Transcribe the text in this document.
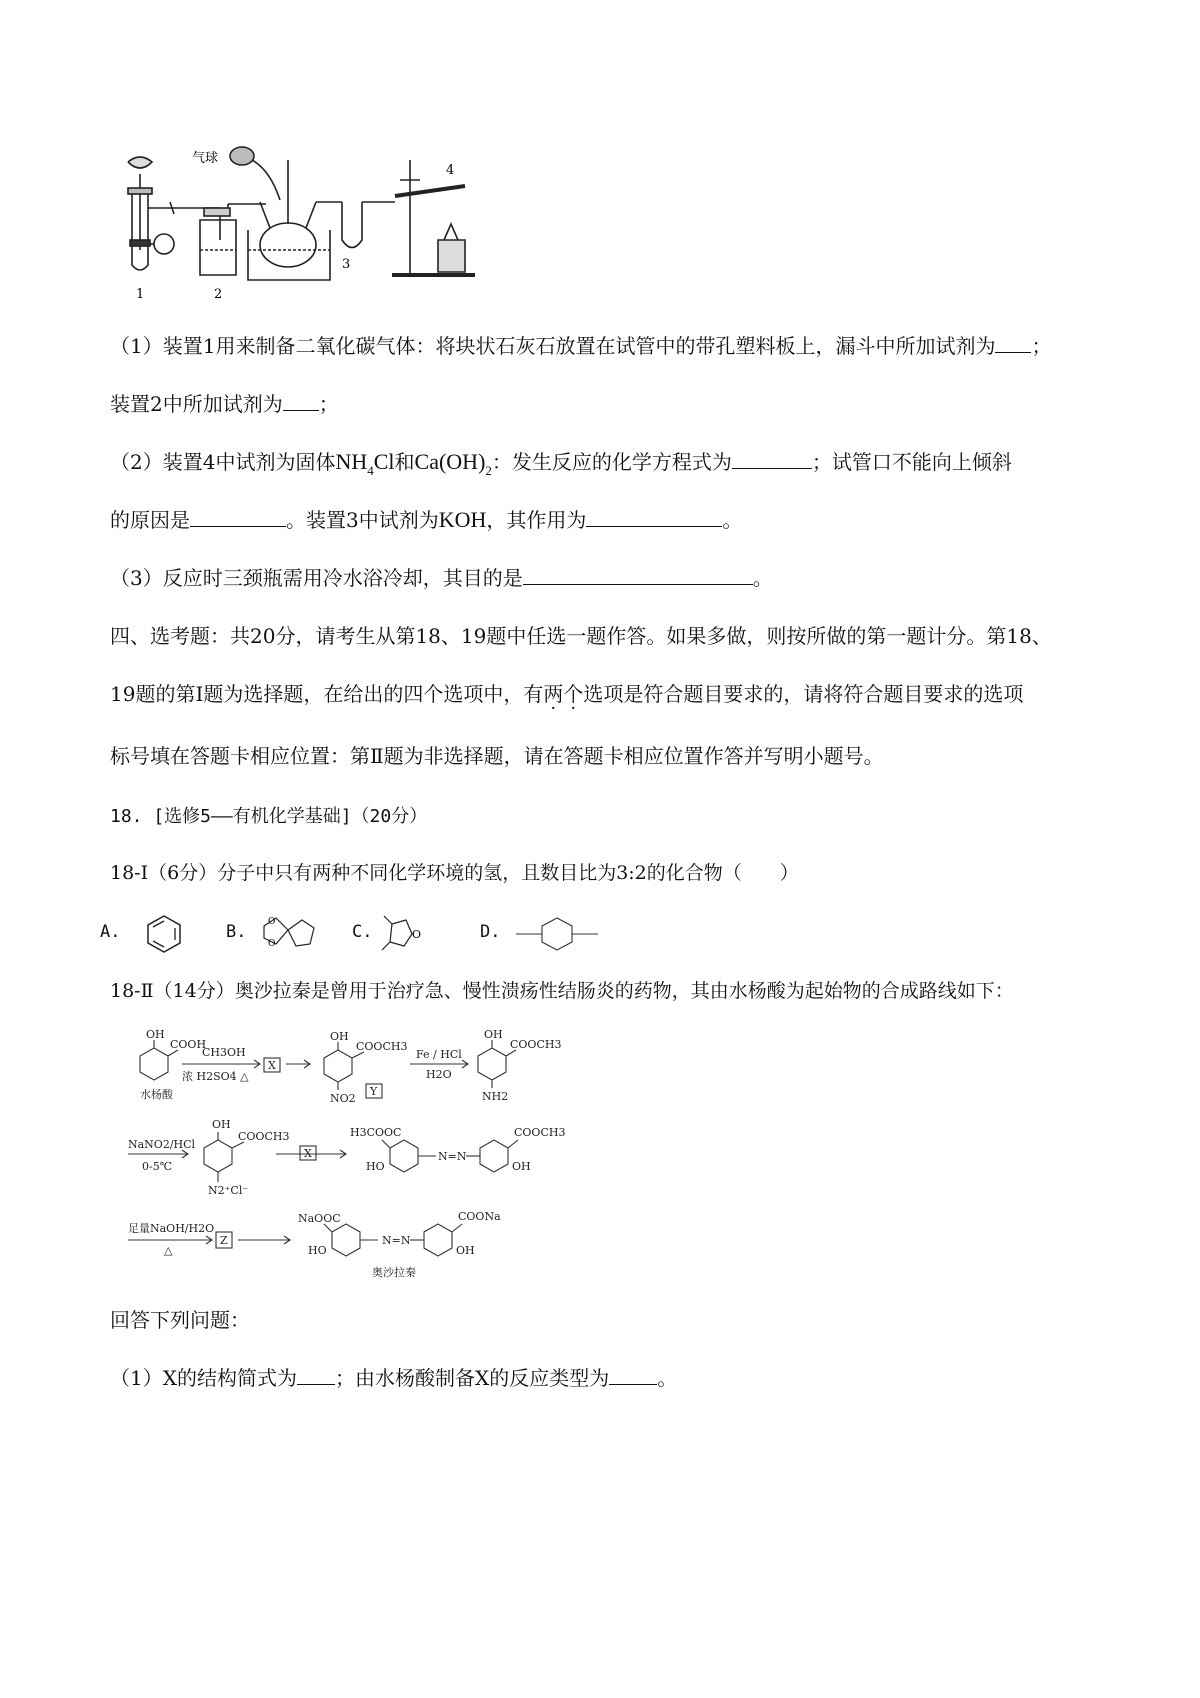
气球
1	2
3
4
（1）装置1用来制备二氧化碳气体：将块状石灰石放置在试管中的带孔塑料板上，漏斗中所加试剂为 ；
装置2中所加试剂为 ；
（2）装置4中试剂为固体$NH_4Cl$和$Ca(OH)_2$：发生反应的化学方程式为	；试管口不能向上倾斜
的原因是	。装置3中试剂为KOH，其作用为	。
（3）反应时三颈瓶需用冷水浴冷却，其目的是	。
四、选考题：共20分，请考生从第18、19题中任选一题作答。如果多做，则按所做的第一题计分。第18、
19题的第Ⅰ题为选择题，在给出的四个选项中，有两个选项是符合题目要求的，请将符合题目要求的选项
标号填在答题卡相应位置：第Ⅱ题为非选择题，请在答题卡相应位置作答并写明小题号。
18. [选修5——有机化学基础]（20分）
18-Ⅰ（6分）分子中只有两种不同化学环境的氢，且数目比为3:2的化合物（　　）
A.	B. O
O
C.	O	D.
18-Ⅱ（14分）奥沙拉秦是曾用于治疗急、慢性溃疡性结肠炎的药物，其由水杨酸为起始物的合成路线如下：
OH
COOH
CH3OH
浓 H2SO4 △
水杨酸
X
OH
COOCH3
NO2
Y
Fe / HCl
H2O
OH
COOCH3
NH2
NaNO2/HCl
0-5℃
OH
COOCH3
N2⁺Cl⁻
X
H3COOC
HO
N=N
COOCH3
OH
足量NaOH/H2O
△
Z
NaOOC
HO
N=N
COONa
OH
奥沙拉秦
回答下列问题：
（1）X的结构简式为 ；由水杨酸制备X的反应类型为 。
